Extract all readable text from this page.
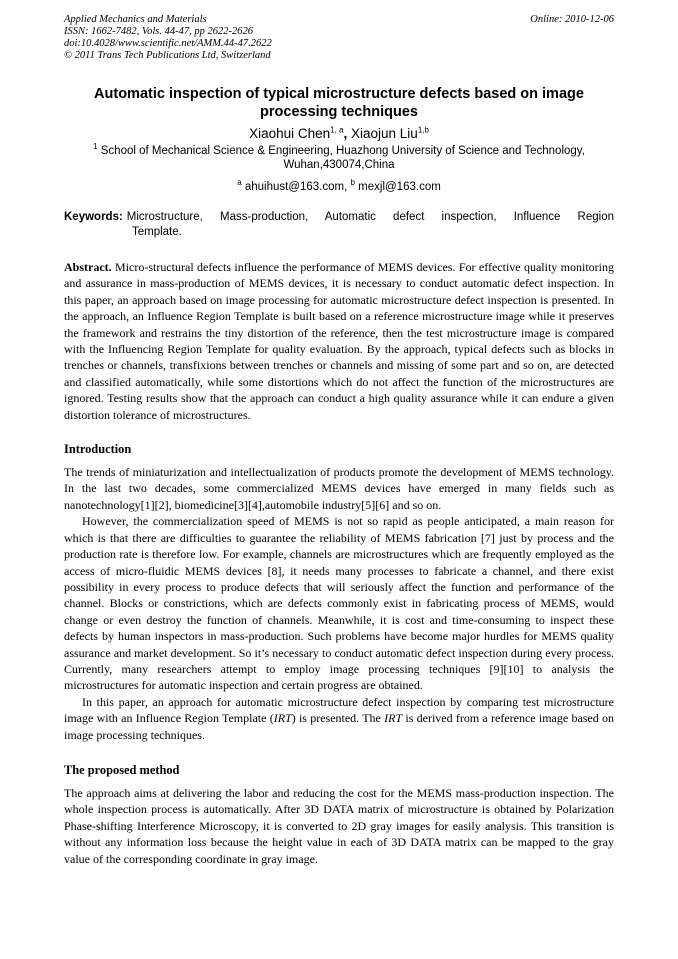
Applied Mechanics and Materials	Online: 2010-12-06
ISSN: 1662-7482, Vols. 44-47, pp 2622-2626
doi:10.4028/www.scientific.net/AMM.44-47.2622
© 2011 Trans Tech Publications Ltd, Switzerland
Automatic inspection of typical microstructure defects based on image processing techniques
Xiaohui Chen$^{1, a}$, Xiaojun Liu$^{1,b}$
$^1$ School of Mechanical Science & Engineering, Huazhong University of Science and Technology, Wuhan,430074,China
$^a$ ahuihust@163.com, $^b$ mexjl@163.com
Keywords: Microstructure, Mass-production, Automatic defect inspection, Influence Region
Template.

Abstract. Micro-structural defects influence the performance of MEMS devices. For effective quality monitoring and assurance in mass-production of MEMS devices, it is necessary to conduct automatic defect inspection. In this paper, an approach based on image processing for automatic microstructure defect inspection is presented. In the approach, an Influence Region Template is built based on a reference microstructure image while it preserves the framework and restrains the tiny distortion of the reference, then the test microstructure image is compared with the Influencing Region Template for quality evaluation. By the approach, typical defects such as blocks in trenches or channels, transfixions between trenches or channels and missing of some part and so on, are detected and classified automatically, while some distortions which do not affect the function of the microstructures are ignored. Testing results show that the approach can conduct a high quality assurance while it can endure a given distortion tolerance of microstructures.

Introduction

The trends of miniaturization and intellectualization of products promote the development of MEMS technology. In the last two decades, some commercialized MEMS devices have emerged in many fields such as nanotechnology[1][2], biomedicine[3][4],automobile industry[5][6] and so on.

However, the commercialization speed of MEMS is not so rapid as people anticipated, a main reason for which is that there are difficulties to guarantee the reliability of MEMS fabrication [7] just by process and the production rate is therefore low. For example, channels are microstructures which are frequently employed as the access of micro-fluidic MEMS devices [8], it needs many processes to fabricate a channel, and there exist possibility in every process to produce defects that will seriously affect the function and performance of the channel. Blocks or constrictions, which are defects commonly exist in fabricating process of MEMS, would change or even destroy the function of channels. Meanwhile, it is cost and time-consuming to inspect these defects by human inspectors in mass-production. Such problems have become major hurdles for MEMS quality assurance and market development. So it’s necessary to conduct automatic defect inspection during every process. Currently, many researchers attempt to employ image processing techniques [9][10] to analysis the microstructures for automatic inspection and certain progress are obtained.

In this paper, an approach for automatic microstructure defect inspection by comparing test microstructure image with an Influence Region Template (IRT) is presented. The IRT is derived from a reference image based on image processing techniques.

The proposed method

The approach aims at delivering the labor and reducing the cost for the MEMS mass-production inspection. The whole inspection process is automatically. After 3D DATA matrix of microstructure is obtained by Polarization Phase-shifting Interference Microscopy, it is converted to 2D gray images for easily analysis. This transition is without any information loss because the height value in each of 3D DATA matrix can be mapped to the gray value of the corresponding coordinate in gray image.
